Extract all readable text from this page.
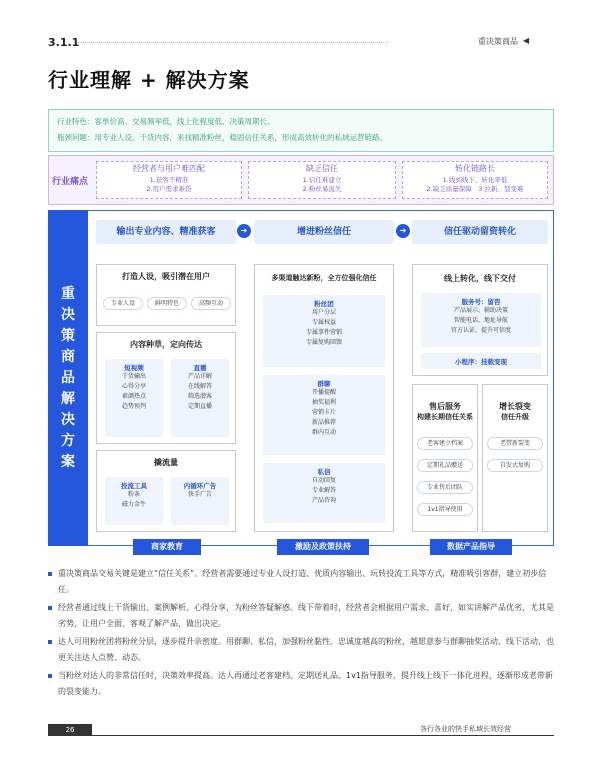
3.1.1	重决策商品 ◀
行业理解 + 解决方案
行业特色：客单价高、交易频率低，线上化程度低、决策周期长。
瓶颈问题：用专业人设、干货内容，来找精准粉丝，稳固信任关系，形成高效转化的私域运营链路。
行业痛点
经营者与用户难匹配
1.获客不精准
2.用户需求难货
缺乏信任
1.信任难建立
2.粉丝易流失
转化链路长
1.线到线下、转化率低
2.缺乏质量保障　3.拉新、裂变难
重
决
策
商
品
解
决
方
案
输出专业内容、精准获客	➔	增进粉丝信任	➔	信任驱动留资转化
打造人设，吸引潜在用户
专业人设	鲜明特色	高频互动
内容种草，定向传达
短视频
干货输出
心得分享
素颜热点
趋势预判
直播
产品详解
在线解答
筛选潜客
定期直播
撬流量
投流工具
粉条
磁力金牛
内循环广告
快手广告
多渠道触达新粉，全方位强化信任
粉丝团
用户分层
专属权益
专属事件营销
专属复购回馈
群聊
开播提醒
抽奖福利
营销卡片
新品推荐
群内互动
私信
自动回复
专业解答
产品咨询
线上转化，线下交付
服务号：留咨
产品展示、辅助决策
智能电话、地址导航
官方认证、提升可信度
小程序：挂载变现
售后服务
构建长期信任关系
老客建立档案
定期礼品赠送
专业售后团队
1v1指导使用
增长裂变
信任升级
老带新裂变
自发式复购
商家教育	激励及政策扶持	数据产品指导
重决策商品交易关键是建立“信任关系”。经营者需要通过专业人设打造、优质内容输出、玩转投流工具等方式，精准吸引客群，建立初步信任。
经营者通过线上干货输出、案例解析、心得分享，为粉丝答疑解惑。线下带着时，经营者会根据用户需求、喜好，如实讲解产品优劣，尤其是劣势，让用户全面、客观了解产品，做出决定。
达人可用粉丝团将粉丝分层，逐步提升亲密度。用群聊、私信，加强粉丝黏性。忠诚度越高的粉丝，越愿意参与群聊抽奖活动、线下活动，也更关注达人点赞、动态。
当粉丝对达人的非常信任时，决策效率提高。达人再通过老客建档、定期送礼品、1v1指导服务，提升线上线下一体化进程，逐渐形成老带新的裂变能力。
26	各行各业的快手私域长效经营
